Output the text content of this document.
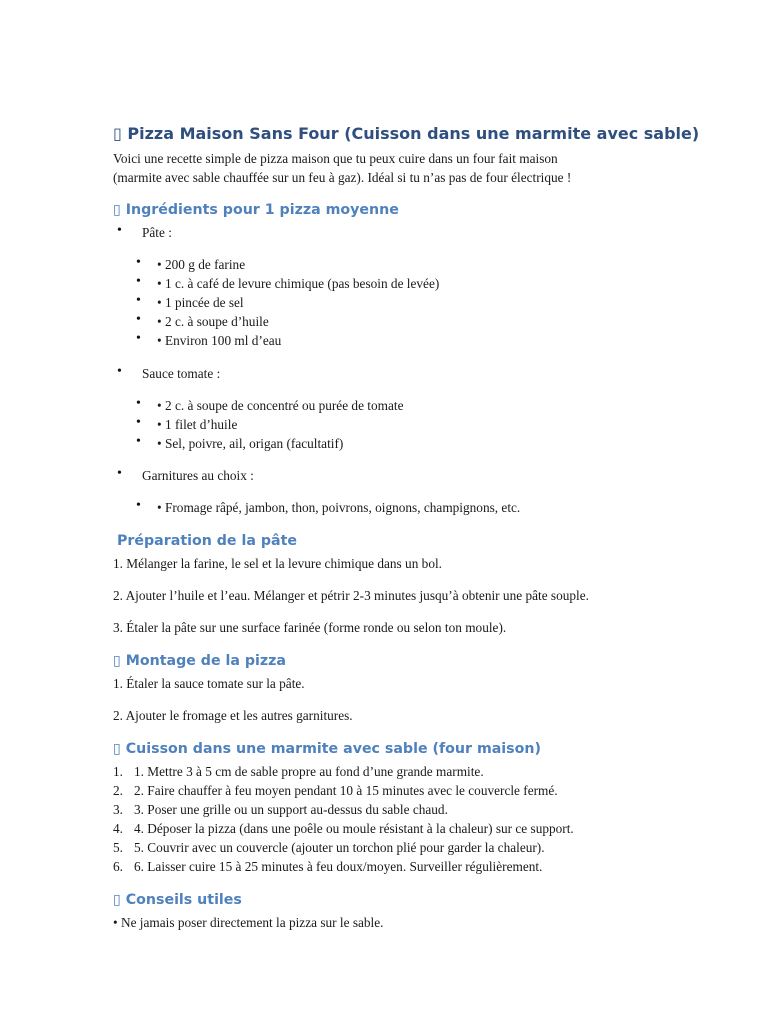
▯ Pizza Maison Sans Four (Cuisson dans une marmite avec sable)
Voici une recette simple de pizza maison que tu peux cuire dans un four fait maison
(marmite avec sable chauffée sur un feu à gaz). Idéal si tu n’as pas de four électrique !
▯ Ingrédients pour 1 pizza moyenne
• Pâte :
• • 200 g de farine
• • 1 c. à café de levure chimique (pas besoin de levée)
• • 1 pincée de sel
• • 2 c. à soupe d’huile
• • Environ 100 ml d’eau
• Sauce tomate :
• • 2 c. à soupe de concentré ou purée de tomate
• • 1 filet d’huile
• • Sel, poivre, ail, origan (facultatif)
• Garnitures au choix :
• • Fromage râpé, jambon, thon, poivrons, oignons, champignons, etc.
Préparation de la pâte
1. Mélanger la farine, le sel et la levure chimique dans un bol.
2. Ajouter l’huile et l’eau. Mélanger et pétrir 2-3 minutes jusqu’à obtenir une pâte souple.
3. Étaler la pâte sur une surface farinée (forme ronde ou selon ton moule).
▯ Montage de la pizza
1. Étaler la sauce tomate sur la pâte.
2. Ajouter le fromage et les autres garnitures.
▯ Cuisson dans une marmite avec sable (four maison)
1. 1. Mettre 3 à 5 cm de sable propre au fond d’une grande marmite.
2. 2. Faire chauffer à feu moyen pendant 10 à 15 minutes avec le couvercle fermé.
3. 3. Poser une grille ou un support au-dessus du sable chaud.
4. 4. Déposer la pizza (dans une poêle ou moule résistant à la chaleur) sur ce support.
5. 5. Couvrir avec un couvercle (ajouter un torchon plié pour garder la chaleur).
6. 6. Laisser cuire 15 à 25 minutes à feu doux/moyen. Surveiller régulièrement.
▯ Conseils utiles
• Ne jamais poser directement la pizza sur le sable.
